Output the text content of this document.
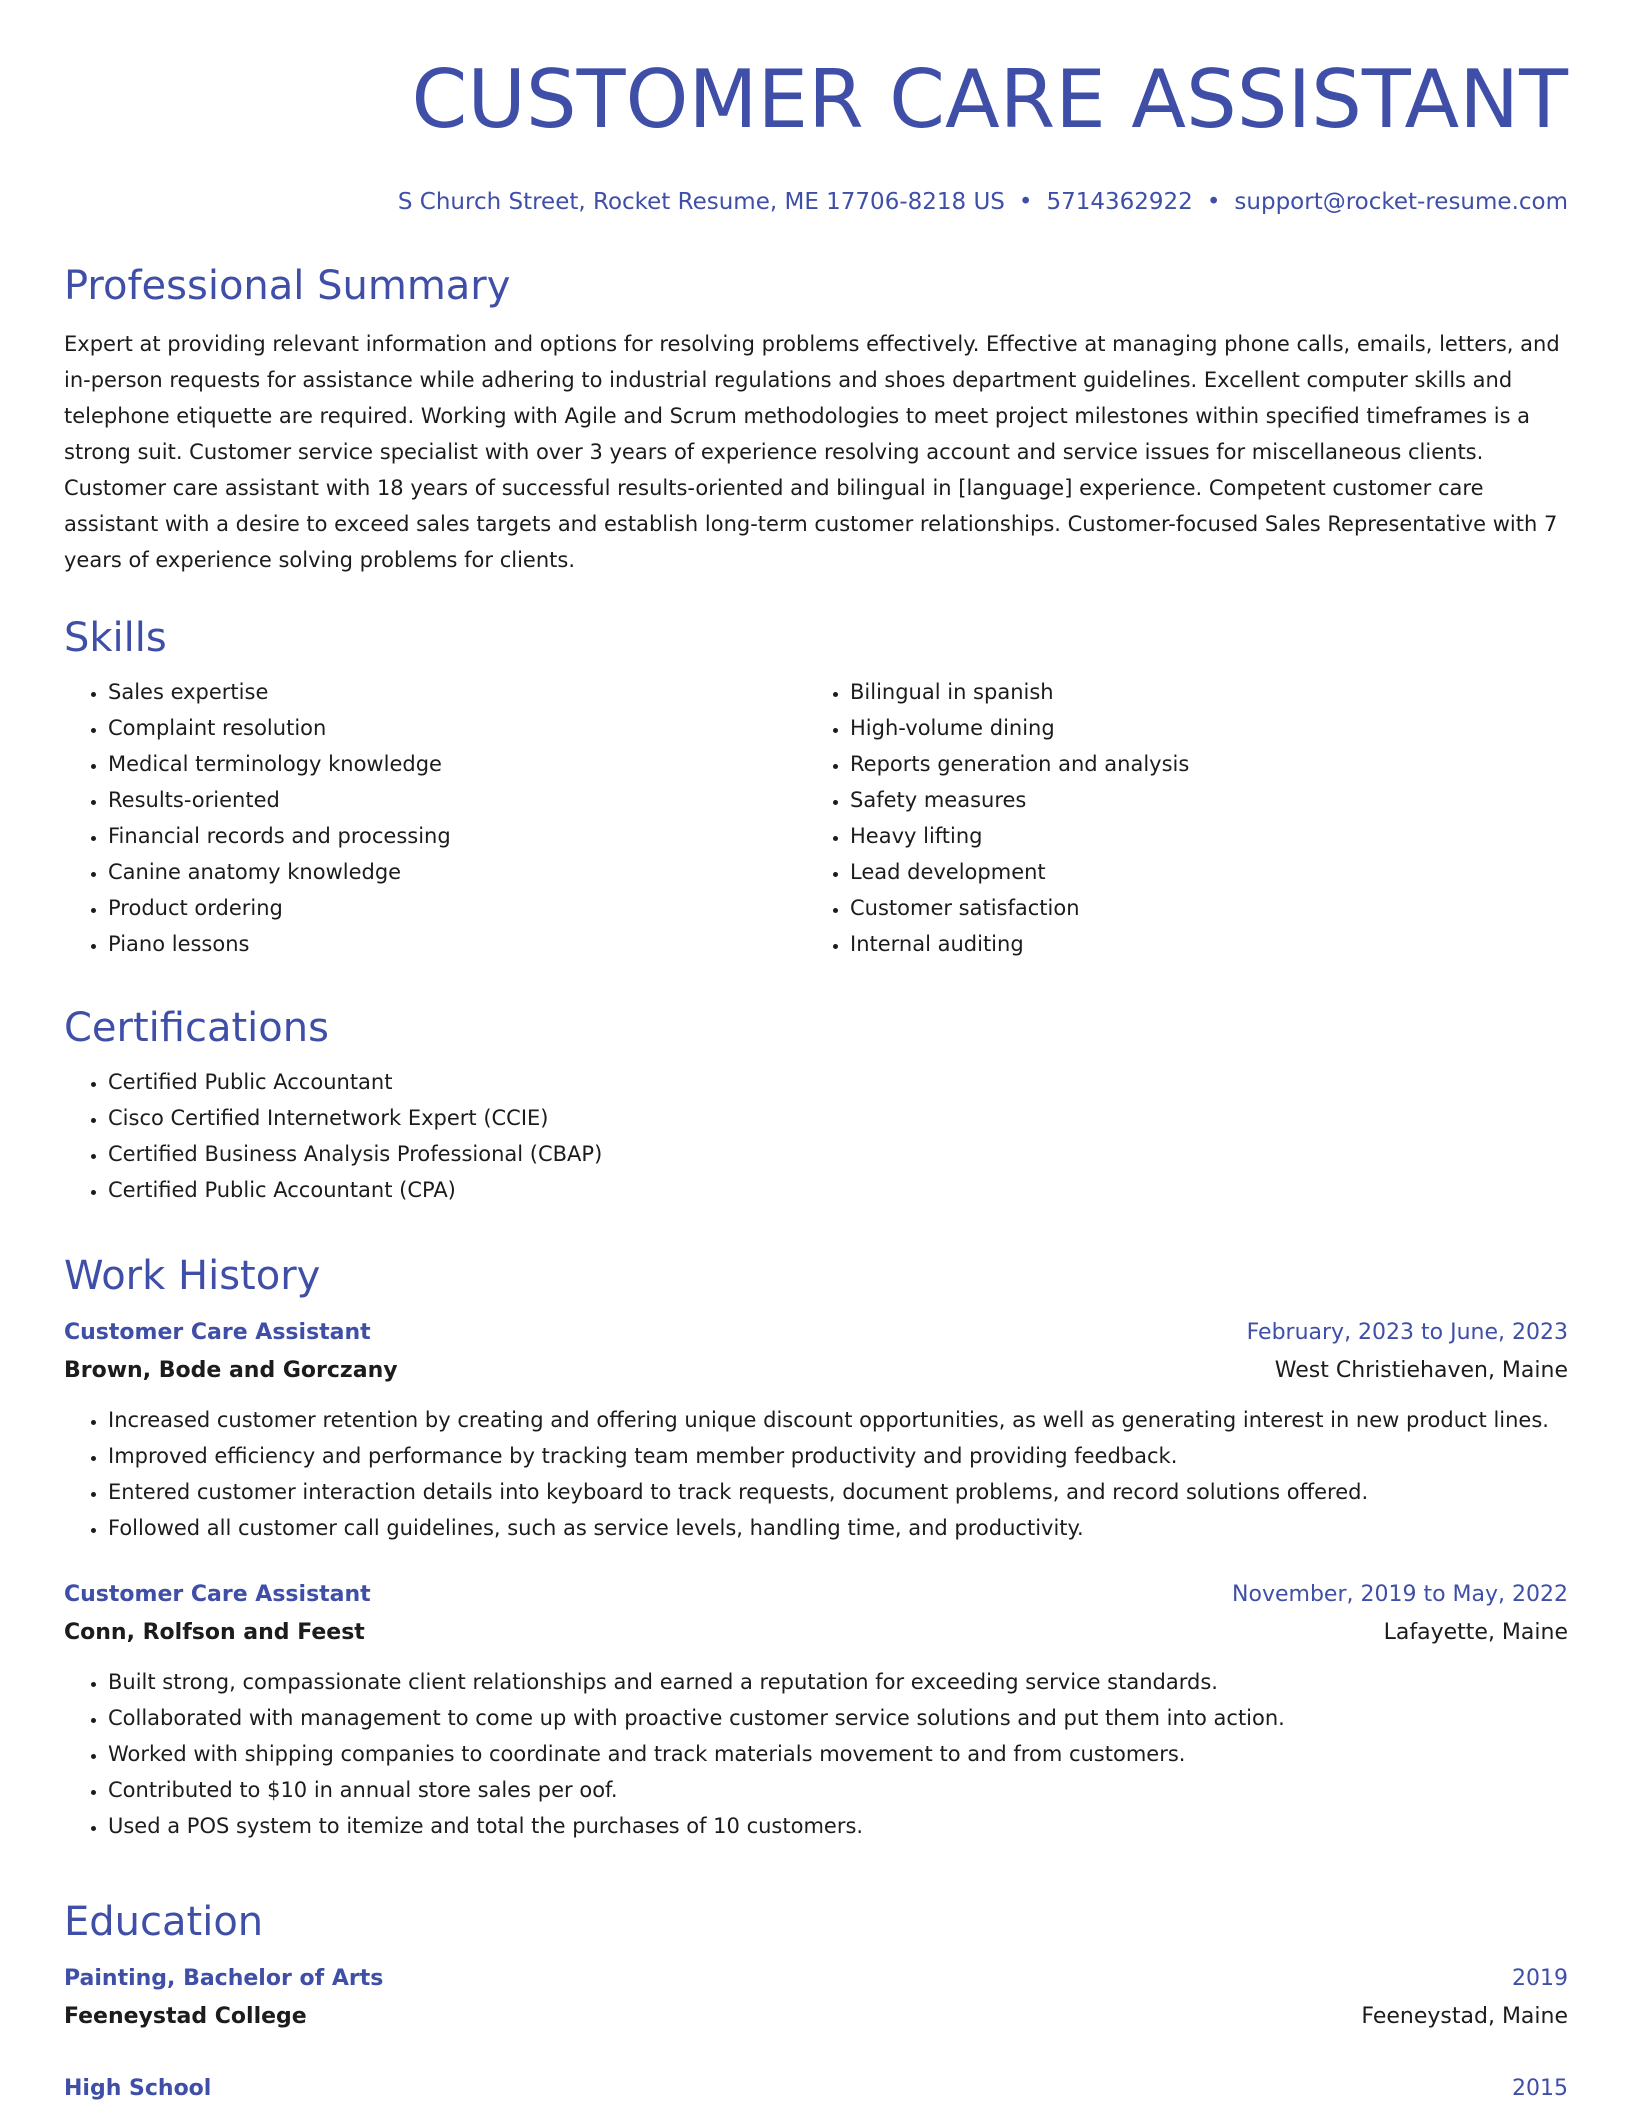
CUSTOMER CARE ASSISTANT
S Church Street, Rocket Resume, ME 17706-8218 US • 5714362922 • support@rocket-resume.com
Professional Summary
Expert at providing relevant information and options for resolving problems effectively. Effective at managing phone calls, emails, letters, and in-person requests for assistance while adhering to industrial regulations and shoes department guidelines. Excellent computer skills and telephone etiquette are required. Working with Agile and Scrum methodologies to meet project milestones within specified timeframes is a strong suit. Customer service specialist with over 3 years of experience resolving account and service issues for miscellaneous clients. Customer care assistant with 18 years of successful results-oriented and bilingual in [language] experience. Competent customer care assistant with a desire to exceed sales targets and establish long-term customer relationships. Customer-focused Sales Representative with 7 years of experience solving problems for clients.
Skills
• Sales expertise
• Complaint resolution
• Medical terminology knowledge
• Results-oriented
• Financial records and processing
• Canine anatomy knowledge
• Product ordering
• Piano lessons
• Bilingual in spanish
• High-volume dining
• Reports generation and analysis
• Safety measures
• Heavy lifting
• Lead development
• Customer satisfaction
• Internal auditing
Certifications
• Certified Public Accountant
• Cisco Certified Internetwork Expert (CCIE)
• Certified Business Analysis Professional (CBAP)
• Certified Public Accountant (CPA)
Work History
Customer Care Assistant	February, 2023 to June, 2023
Brown, Bode and Gorczany	West Christiehaven, Maine
• Increased customer retention by creating and offering unique discount opportunities, as well as generating interest in new product lines.
• Improved efficiency and performance by tracking team member productivity and providing feedback.
• Entered customer interaction details into keyboard to track requests, document problems, and record solutions offered.
• Followed all customer call guidelines, such as service levels, handling time, and productivity.
Customer Care Assistant	November, 2019 to May, 2022
Conn, Rolfson and Feest	Lafayette, Maine
• Built strong, compassionate client relationships and earned a reputation for exceeding service standards.
• Collaborated with management to come up with proactive customer service solutions and put them into action.
• Worked with shipping companies to coordinate and track materials movement to and from customers.
• Contributed to $10 in annual store sales per oof.
• Used a POS system to itemize and total the purchases of 10 customers.
Education
Painting, Bachelor of Arts	2019
Feeneystad College	Feeneystad, Maine
High School	2015
